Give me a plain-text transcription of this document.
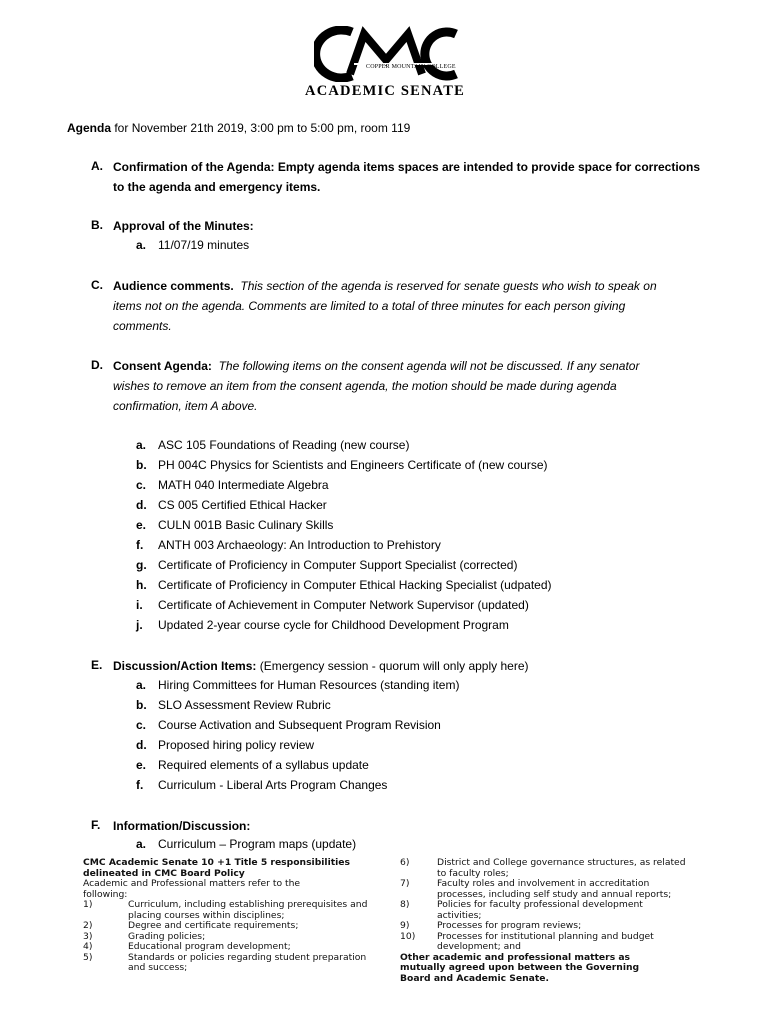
COPPER MOUNTAIN COLLEGE
ACADEMIC SENATE
Agenda for November 21th 2019, 3:00 pm to 5:00 pm, room 119
A. Confirmation of the Agenda: Empty agenda items spaces are intended to provide space for corrections
to the agenda and emergency items.
B. Approval of the Minutes:
a. 11/07/19 minutes
C. Audience comments. This section of the agenda is reserved for senate guests who wish to speak on
items not on the agenda. Comments are limited to a total of three minutes for each person giving
comments.
D. Consent Agenda: The following items on the consent agenda will not be discussed. If any senator
wishes to remove an item from the consent agenda, the motion should be made during agenda
confirmation, item A above.
a. ASC 105 Foundations of Reading (new course)
b. PH 004C Physics for Scientists and Engineers Certificate of (new course)
c. MATH 040 Intermediate Algebra
d. CS 005 Certified Ethical Hacker
e. CULN 001B Basic Culinary Skills
f. ANTH 003 Archaeology: An Introduction to Prehistory
g. Certificate of Proficiency in Computer Support Specialist (corrected)
h. Certificate of Proficiency in Computer Ethical Hacking Specialist (udpated)
i. Certificate of Achievement in Computer Network Supervisor (updated)
j. Updated 2-year course cycle for Childhood Development Program
E. Discussion/Action Items: (Emergency session - quorum will only apply here)
a. Hiring Committees for Human Resources (standing item)
b. SLO Assessment Review Rubric
c. Course Activation and Subsequent Program Revision
d. Proposed hiring policy review
e. Required elements of a syllabus update
f. Curriculum - Liberal Arts Program Changes
F. Information/Discussion:
a. Curriculum – Program maps (update)
CMC Academic Senate 10 +1 Title 5 responsibilities
delineated in CMC Board Policy
Academic and Professional matters refer to the
following:
1)	Curriculum, including establishing prerequisites and
placing courses within disciplines;
2)	Degree and certificate requirements;
3)	Grading policies;
4)	Educational program development;
5)	Standards or policies regarding student preparation
and success;
6)	District and College governance structures, as related
to faculty roles;
7)	Faculty roles and involvement in accreditation
processes, including self study and annual reports;
8)	Policies for faculty professional development
activities;
9)	Processes for program reviews;
10) Processes for institutional planning and budget
development; and
Other academic and professional matters as
mutually agreed upon between the Governing
Board and Academic Senate.
